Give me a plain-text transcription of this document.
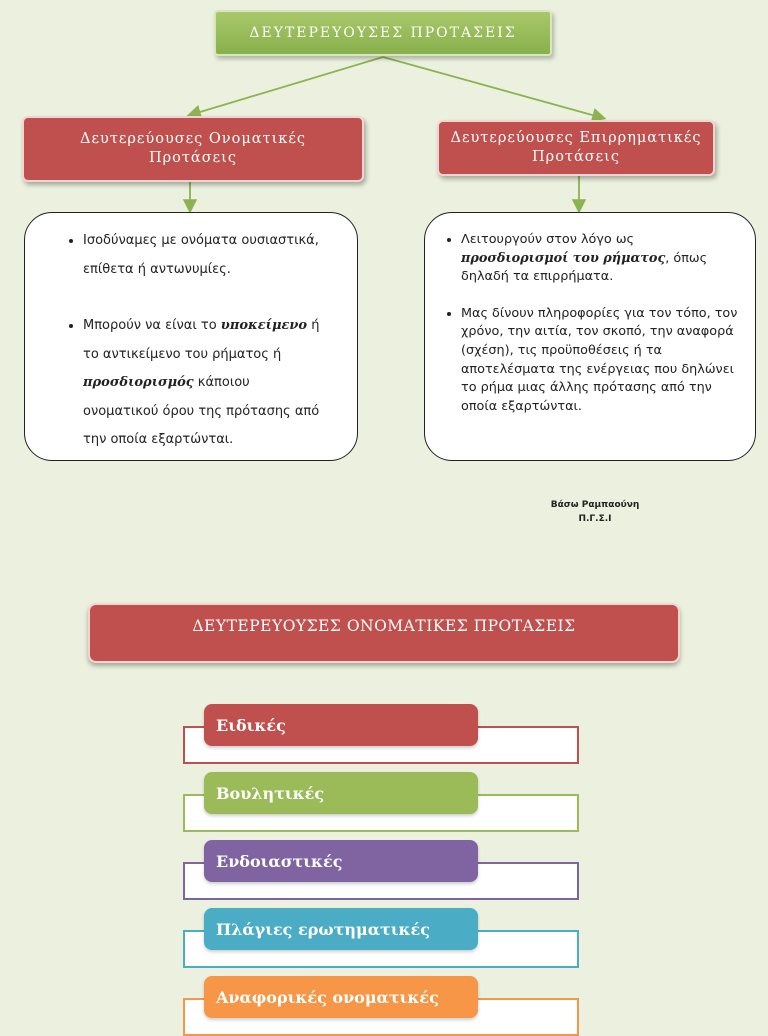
ΔΕΥΤΕΡΕΥΟΥΣΕΣ ΠΡΟΤΑΣΕΙΣ
Δευτερεύουσες Ονοματικές
Προτάσεις
Δευτερεύουσες Επιρρηματικές
Προτάσεις
• Ισοδύναμες με ονόματα ουσιαστικά, επίθετα ή αντωνυμίες.
• Μπορούν να είναι το υποκείμενο ή το αντικείμενο του ρήματος ή προσδιορισμός κάποιου ονοματικού όρου της πρότασης από την οποία εξαρτώνται.
• Λειτουργούν στον λόγο ως προσδιορισμοί του ρήματος, όπως δηλαδή τα επιρρήματα.
• Μας δίνουν πληροφορίες για τον τόπο, τον χρόνο, την αιτία, τον σκοπό, την αναφορά (σχέση), τις προϋποθέσεις ή τα αποτελέσματα της ενέργειας που δηλώνει το ρήμα μιας άλλης πρότασης από την οποία εξαρτώνται.
Βάσω Ραμπαούνη
Π.Γ.Σ.Ι
ΔΕΥΤΕΡΕΥΟΥΣΕΣ ΟΝΟΜΑΤΙΚΕΣ ΠΡΟΤΑΣΕΙΣ
Ειδικές
Βουλητικές
Ενδοιαστικές
Πλάγιες ερωτηματικές
Αναφορικές ονοματικές
